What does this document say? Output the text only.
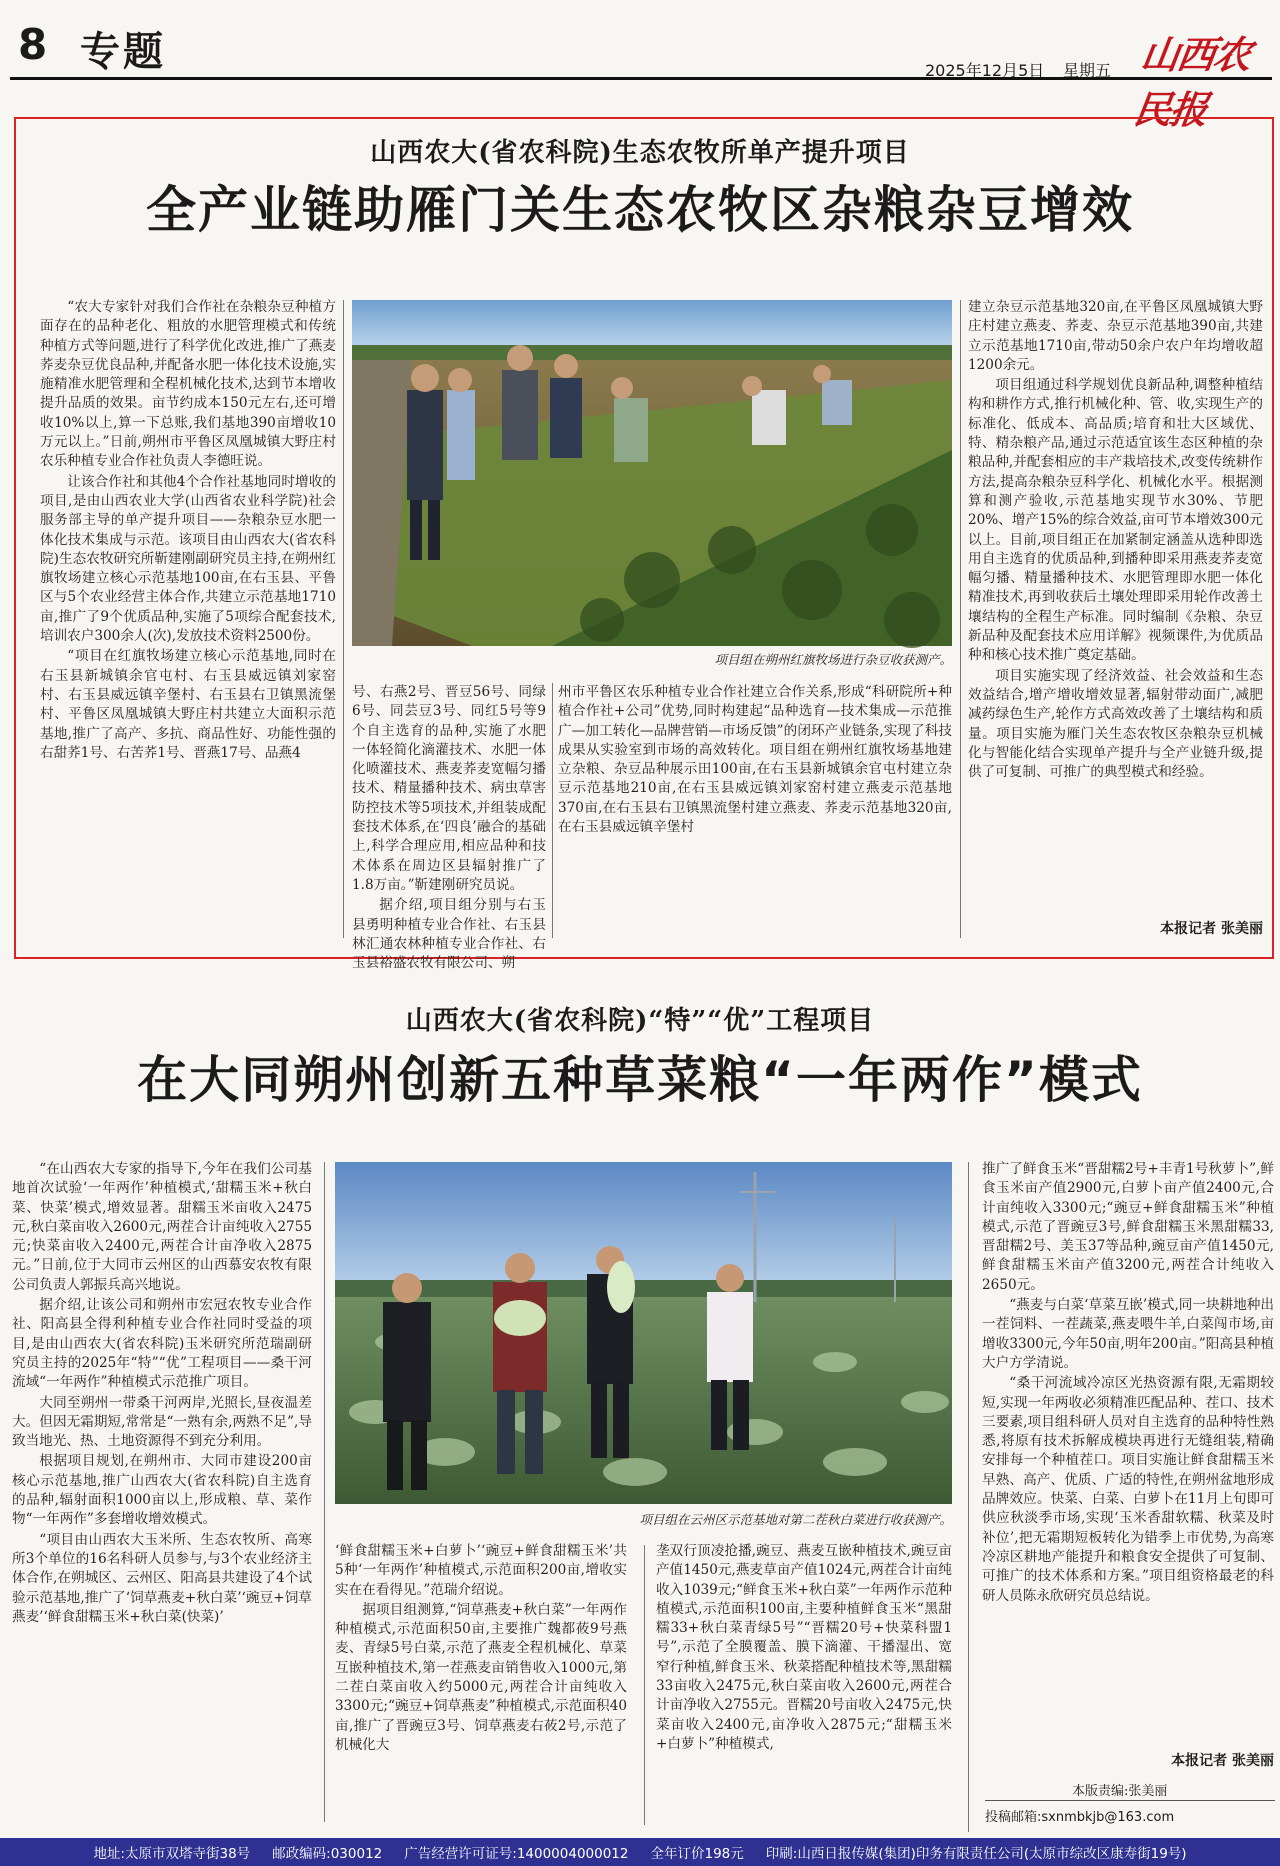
8 专题	2025年12月5日 星期五 山西农民报
山西农大(省农科院)生态农牧所单产提升项目
全产业链助雁门关生态农牧区杂粮杂豆增效

“农大专家针对我们合作社在杂粮杂豆种植方面存在的品种老化、粗放的水肥管理模式和传统种植方式等问题,进行了科学优化改进,推广了燕麦荞麦杂豆优良品种,并配备水肥一体化技术设施,实施精准水肥管理和全程机械化技术,达到节本增收提升品质的效果。亩节约成本150元左右,还可增收10%以上,算一下总账,我们基地390亩增收10万元以上。”日前,朔州市平鲁区凤凰城镇大野庄村农乐种植专业合作社负责人李德旺说。

让该合作社和其他4个合作社基地同时增收的项目,是由山西农业大学(山西省农业科学院)社会服务部主导的单产提升项目——杂粮杂豆水肥一体化技术集成与示范。该项目由山西农大(省农科院)生态农牧研究所靳建刚副研究员主持,在朔州红旗牧场建立核心示范基地100亩,在右玉县、平鲁区与5个农业经营主体合作,共建立示范基地1710亩,推广了9个优质品种,实施了5项综合配套技术,培训农户300余人(次),发放技术资料2500份。

“项目在红旗牧场建立核心示范基地,同时在右玉县新城镇余官屯村、右玉县威远镇刘家窑村、右玉县威远镇辛堡村、右玉县右卫镇黑流堡村、平鲁区凤凰城镇大野庄村共建立大面积示范基地,推广了高产、多抗、商品性好、功能性强的右甜荞1号、右苦荞1号、晋燕17号、品燕4

项目组在朔州红旗牧场进行杂豆收获测产。

号、右燕2号、晋豆56号、同绿6号、同芸豆3号、同红5号等9个自主选育的品种,实施了水肥一体轻简化滴灌技术、水肥一体化喷灌技术、燕麦荞麦宽幅匀播技术、精量播种技术、病虫草害防控技术等5项技术,并组装成配套技术体系,在‘四良’融合的基础上,科学合理应用,相应品种和技术体系在周边区县辐射推广了1.8万亩。”靳建刚研究员说。

据介绍,项目组分别与右玉县勇明种植专业合作社、右玉县林汇通农林种植专业合作社、右玉县裕盛农牧有限公司、朔

州市平鲁区农乐种植专业合作社建立合作关系,形成“科研院所+种植合作社+公司”优势,同时构建起“品种选育—技术集成—示范推广—加工转化—品牌营销—市场反馈”的闭环产业链条,实现了科技成果从实验室到市场的高效转化。项目组在朔州红旗牧场基地建立杂粮、杂豆品种展示田100亩,在右玉县新城镇余官屯村建立杂豆示范基地210亩,在右玉县威远镇刘家窑村建立燕麦示范基地370亩,在右玉县右卫镇黑流堡村建立燕麦、荞麦示范基地320亩,在右玉县威远镇辛堡村

建立杂豆示范基地320亩,在平鲁区凤凰城镇大野庄村建立燕麦、荞麦、杂豆示范基地390亩,共建立示范基地1710亩,带动50余户农户年均增收超1200余元。

项目组通过科学规划优良新品种,调整种植结构和耕作方式,推行机械化种、管、收,实现生产的标准化、低成本、高品质;培育和壮大区域优、特、精杂粮产品,通过示范适宜该生态区种植的杂粮品种,并配套相应的丰产栽培技术,改变传统耕作方法,提高杂粮杂豆科学化、机械化水平。根据测算和测产验收,示范基地实现节水30%、节肥20%、增产15%的综合效益,亩可节本增效300元以上。目前,项目组正在加紧制定涵盖从选种即选用自主选育的优质品种,到播种即采用燕麦荞麦宽幅匀播、精量播种技术、水肥管理即水肥一体化精准技术,再到收获后土壤处理即采用轮作改善土壤结构的全程生产标准。同时编制《杂粮、杂豆新品种及配套技术应用详解》视频课件,为优质品种和核心技术推广奠定基础。

项目实施实现了经济效益、社会效益和生态效益结合,增产增收增效显著,辐射带动面广,减肥减药绿色生产,轮作方式高效改善了土壤结构和质量。项目实施为雁门关生态农牧区杂粮杂豆机械化与智能化结合实现单产提升与全产业链升级,提供了可复制、可推广的典型模式和经验。

本报记者 张美丽
山西农大(省农科院)“特”“优”工程项目
在大同朔州创新五种草菜粮“一年两作”模式

“在山西农大专家的指导下,今年在我们公司基地首次试验‘一年两作’种植模式,‘甜糯玉米+秋白菜、快菜’模式,增效显著。甜糯玉米亩收入2475元,秋白菜亩收入2600元,两茬合计亩纯收入2755元;快菜亩收入2400元,两茬合计亩净收入2875元。”日前,位于大同市云州区的山西慕安农牧有限公司负责人郭振兵高兴地说。

据介绍,让该公司和朔州市宏冠农牧专业合作社、阳高县全得利种植专业合作社同时受益的项目,是由山西农大(省农科院)玉米研究所范瑞副研究员主持的2025年“特”“优”工程项目——桑干河流域“一年两作”种植模式示范推广项目。

大同至朔州一带桑干河两岸,光照长,昼夜温差大。但因无霜期短,常常是“一熟有余,两熟不足”,导致当地光、热、土地资源得不到充分利用。

根据项目规划,在朔州市、大同市建设200亩核心示范基地,推广山西农大(省农科院)自主选育的品种,辐射面积1000亩以上,形成粮、草、菜作物“一年两作”多套增收增效模式。

“项目由山西农大玉米所、生态农牧所、高寒所3个单位的16名科研人员参与,与3个农业经济主体合作,在朔城区、云州区、阳高县共建设了4个试验示范基地,推广了‘饲草燕麦+秋白菜’‘豌豆+饲草燕麦’‘鲜食甜糯玉米+秋白菜(快菜)’

项目组在云州区示范基地对第二茬秋白菜进行收获测产。

‘鲜食甜糯玉米+白萝卜’‘豌豆+鲜食甜糯玉米’共5种‘一年两作’种植模式,示范面积200亩,增收实实在在看得见。”范瑞介绍说。

据项目组测算,“饲草燕麦+秋白菜”一年两作种植模式,示范面积50亩,主要推广魏都莜9号燕麦、青绿5号白菜,示范了燕麦全程机械化、草菜互嵌种植技术,第一茬燕麦亩销售收入1000元,第二茬白菜亩收入约5000元,两茬合计亩纯收入3300元;“豌豆+饲草燕麦”种植模式,示范面积40亩,推广了晋豌豆3号、饲草燕麦右莜2号,示范了机械化大

垄双行顶凌抢播,豌豆、燕麦互嵌种植技术,豌豆亩产值1450元,燕麦草亩产值1024元,两茬合计亩纯收入1039元;“鲜食玉米+秋白菜”一年两作示范种植模式,示范面积100亩,主要种植鲜食玉米“黑甜糯33+秋白菜青绿5号”“晋糯20号+快菜科盟1号”,示范了全膜覆盖、膜下滴灌、干播湿出、宽窄行种植,鲜食玉米、秋菜搭配种植技术等,黑甜糯33亩收入2475元,秋白菜亩收入2600元,两茬合计亩净收入2755元。晋糯20号亩收入2475元,快菜亩收入2400元,亩净收入2875元;“甜糯玉米+白萝卜”种植模式,

推广了鲜食玉米“晋甜糯2号+丰青1号秋萝卜”,鲜食玉米亩产值2900元,白萝卜亩产值2400元,合计亩纯收入3300元;“豌豆+鲜食甜糯玉米”种植模式,示范了晋豌豆3号,鲜食甜糯玉米黑甜糯33,晋甜糯2号、美玉37等品种,豌豆亩产值1450元,鲜食甜糯玉米亩产值3200元,两茬合计纯收入2650元。

“燕麦与白菜‘草菜互嵌’模式,同一块耕地种出一茬饲料、一茬蔬菜,燕麦喂牛羊,白菜闯市场,亩增收3300元,今年50亩,明年200亩。”阳高县种植大户方学清说。

“桑干河流域冷凉区光热资源有限,无霜期较短,实现一年两收必须精准匹配品种、茬口、技术三要素,项目组科研人员对自主选育的品种特性熟悉,将原有技术拆解成模块再进行无缝组装,精确安排每一个种植茬口。项目实施让鲜食甜糯玉米早熟、高产、优质、广适的特性,在朔州盆地形成品牌效应。快菜、白菜、白萝卜在11月上旬即可供应秋淡季市场,实现‘玉米香甜软糯、秋菜及时补位’,把无霜期短板转化为错季上市优势,为高寒冷凉区耕地产能提升和粮食安全提供了可复制、可推广的技术体系和方案。”项目组资格最老的科研人员陈永欣研究员总结说。

本报记者 张美丽
本版责编:张美丽
投稿邮箱:sxnmbkjb@163.com
地址:太原市双塔寺街38号 邮政编码:030012 广告经营许可证号:1400004000012 全年订价198元 印刷:山西日报传媒(集团)印务有限责任公司(太原市综改区康寿街19号)
